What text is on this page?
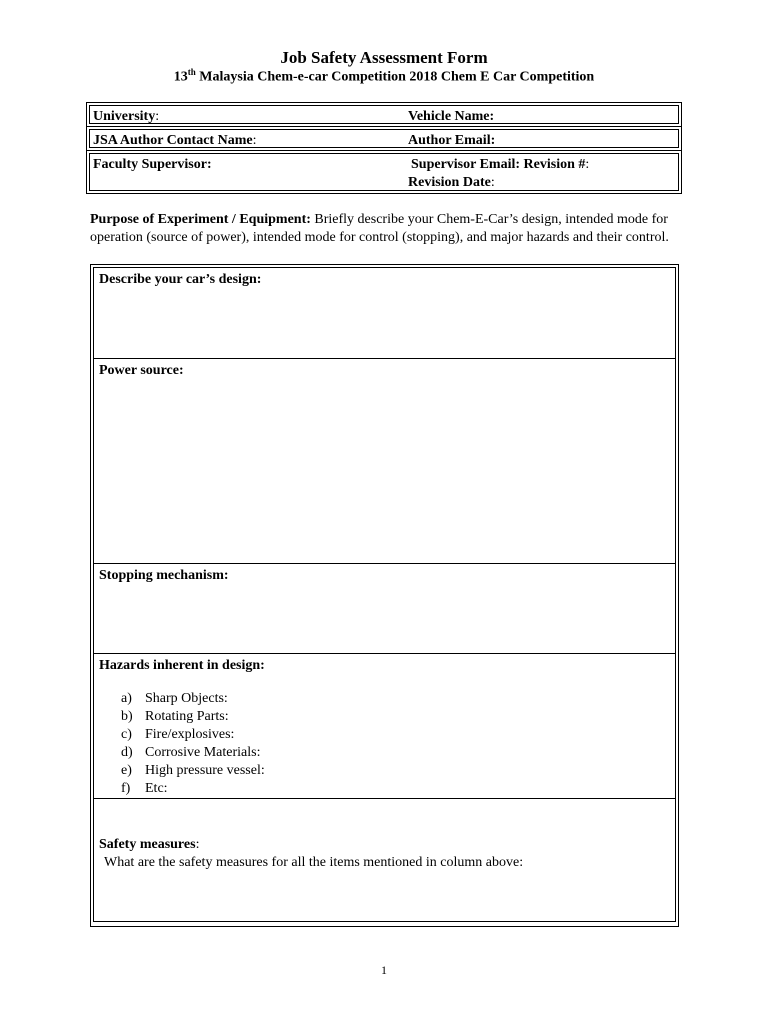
Job Safety Assessment Form
13th Malaysia Chem-e-car Competition 2018 Chem E Car Competition
University:	Vehicle Name:
JSA Author Contact Name:	Author Email:
Faculty Supervisor:	Supervisor Email: Revision #:
Revision Date:
Purpose of Experiment / Equipment: Briefly describe your Chem-E-Car’s design, intended mode for operation (source of power), intended mode for control (stopping), and major hazards and their control.
Describe your car’s design:
Power source:
Stopping mechanism:
Hazards inherent in design:
a) Sharp Objects:
b) Rotating Parts:
c) Fire/explosives:
d) Corrosive Materials:
e) High pressure vessel:
f)	Etc:
Safety measures:
What are the safety measures for all the items mentioned in column above:
1
